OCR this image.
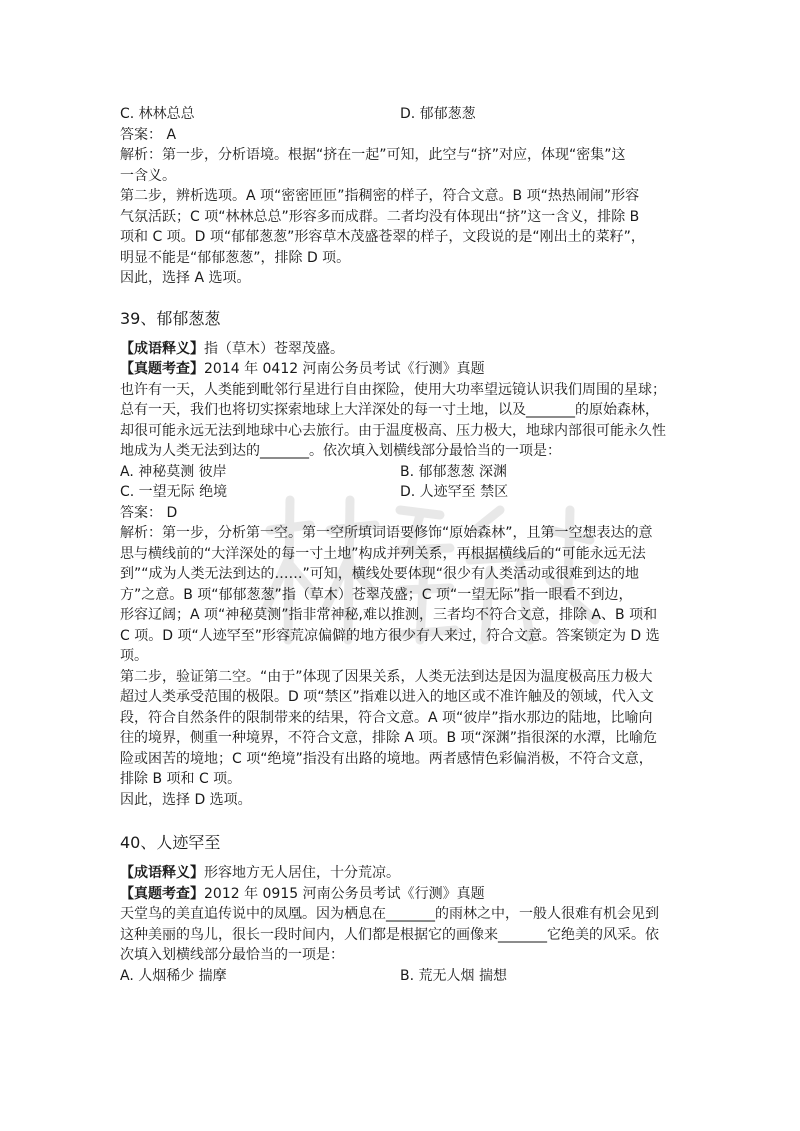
C. 林林总总	D. 郁郁葱葱

答案： A

解析：第一步，分析语境。根据“挤在一起”可知，此空与“挤”对应，体现“密集”这

一含义。

第二步，辨析选项。A 项“密密匝匝”指稠密的样子，符合文意。B 项“热热闹闹”形容

气氛活跃；C 项“林林总总”形容多而成群。二者均没有体现出“挤”这一含义，排除 B

项和 C 项。D 项“郁郁葱葱”形容草木茂盛苍翠的样子，文段说的是“刚出土的菜籽”，

明显不能是“郁郁葱葱”，排除 D 项。

因此，选择 A 选项。

39、郁郁葱葱

【成语释义】指（草木）苍翠茂盛。

【真题考查】2014 年 0412 河南公务员考试《行测》真题

也许有一天，人类能到毗邻行星进行自由探险，使用大功率望远镜认识我们周围的星球；

总有一天，我们也将切实探索地球上大洋深处的每一寸土地，以及_______的原始森林，

却很可能永远无法到地球中心去旅行。由于温度极高、压力极大，地球内部很可能永久性

地成为人类无法到达的_______。依次填入划横线部分最恰当的一项是：

A. 神秘莫测 彼岸	B. 郁郁葱葱 深渊
C. 一望无际 绝境	D. 人迹罕至 禁区

答案： D

解析：第一步，分析第一空。第一空所填词语要修饰“原始森林”，且第一空想表达的意

思与横线前的“大洋深处的每一寸土地”构成并列关系，再根据横线后的“可能永远无法

到”“成为人类无法到达的……”可知，横线处要体现“很少有人类活动或很难到达的地

方”之意。B 项“郁郁葱葱”指（草木）苍翠茂盛；C 项“一望无际”指一眼看不到边，

形容辽阔；A 项“神秘莫测”指非常神秘,难以推测，三者均不符合文意，排除 A、B 项和

C 项。D 项“人迹罕至”形容荒凉偏僻的地方很少有人来过，符合文意。答案锁定为 D 选

项。

第二步，验证第二空。“由于”体现了因果关系，人类无法到达是因为温度极高压力极大

超过人类承受范围的极限。D 项“禁区”指难以进入的地区或不准许触及的领域，代入文

段，符合自然条件的限制带来的结果，符合文意。A 项“彼岸”指水那边的陆地，比喻向

往的境界，侧重一种境界，不符合文意，排除 A 项。B 项“深渊”指很深的水潭，比喻危

险或困苦的境地；C 项“绝境”指没有出路的境地。两者感情色彩偏消极，不符合文意，

排除 B 项和 C 项。

因此，选择 D 选项。

40、人迹罕至

【成语释义】形容地方无人居住，十分荒凉。

【真题考查】2012 年 0915 河南公务员考试《行测》真题

天堂鸟的美直追传说中的凤凰。因为栖息在_______的雨林之中，一般人很难有机会见到

这种美丽的鸟儿，很长一段时间内，人们都是根据它的画像来_______它绝美的风采。依

次填入划横线部分最恰当的一项是：

A. 人烟稀少 揣摩	B. 荒无人烟 揣想
